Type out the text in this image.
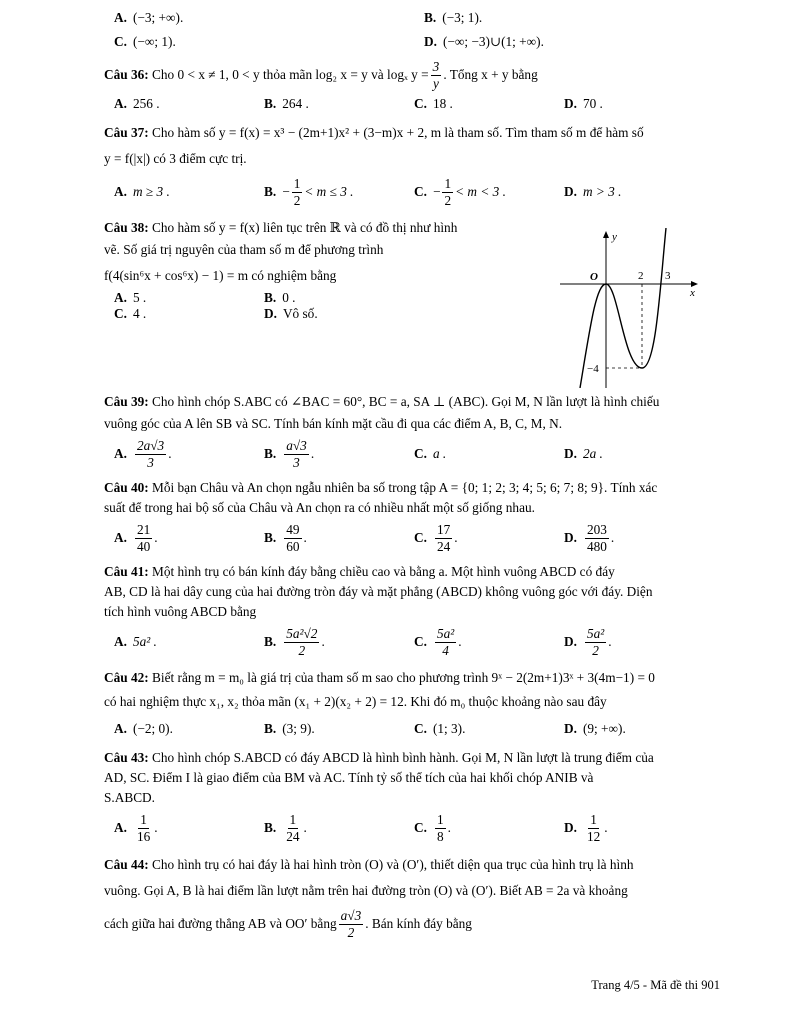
A. (−3; +∞).	B. (−3; 1).
C. (−∞; 1).	D. (−∞; −3)∪(1; +∞).
Câu 36:
Cho 0 < x ≠ 1, 0 < y thỏa mãn log₂ x = y và logₓ $y = \frac{3}{y}$ . Tổng x + y bằng
A. 256 .	B. 264 .	C. 18 .	D. 70 .
Câu 37:
Cho hàm số y = f(x) = x³ − (2m+1)x² + (3−m)x + 2, m là tham số. Tìm tham số m để hàm số
y = f(|x|) có 3 điểm cực trị.
A. m ≥ 3 .	B. − $\frac{1}{2} < m \le 3$ .	C. − $\frac{1}{2} < m < 3$ .	D. m > 3 .
Câu 38:
Cho hàm số y = f(x) liên tục trên ℝ và có đồ thị như hình
vẽ. Số giá trị nguyên của tham số m để phương trình
f(4(sin⁶x + cos⁶x) − 1) = m có nghiệm bằng
A. 5 .	B. 0 .
C. 4 .	D. Vô số.
Câu 39:
Cho hình chóp S.ABC có ∠BAC = 60°, BC = a, SA ⊥ (ABC). Gọi M, N lần lượt là hình chiếu
vuông góc của A lên SB và SC. Tính bán kính mặt cầu đi qua các điểm A, B, C, M, N.
A. $\frac{2a√3}{3}$ .	B. $\frac{a√3}{3}$ .	C. a .	D. 2a .
Câu 40: Mỗi bạn Châu và An chọn ngẫu nhiên ba số trong tập A = {0; 1; 2; 3; 4; 5; 6; 7; 8; 9}. Tính xác
suất để trong hai bộ số của Châu và An chọn ra có nhiều nhất một số giống nhau.
A. $\frac{21}{40}$ .	B. $\frac{49}{60}$ .	C. $\frac{17}{24}$ .	D. $\frac{203}{480}$ .
Câu 41: Một hình trụ có bán kính đáy bằng chiều cao và bằng a. Một hình vuông ABCD có đáy
AB, CD là hai dây cung của hai đường tròn đáy và mặt phẳng (ABCD) không vuông góc với đáy. Diện
tích hình vuông ABCD bằng
A. 5a² .	B. $\frac{\text{5a²√2}}{2}$ .	C. $\frac{\text{5a²}}{4}$ .	D. $\frac{\text{5a²}}{2}$ .
Câu 42:
Biết rằng m = m₀ là giá trị của tham số m sao cho phương trình 9ˣ − 2(2m+1)3ˣ + 3(4m−1) = 0
có hai nghiệm thực x₁, x₂ thỏa mãn (x₁ + 2)(x₂ + 2) = 12. Khi đó m₀ thuộc khoảng nào sau đây
A. (−2; 0).	B. (3; 9).	C. (1; 3).	D. (9; +∞).
Câu 43: Cho hình chóp S.ABCD có đáy ABCD là hình bình hành. Gọi M, N lần lượt là trung điểm của
AD, SC. Điểm I là giao điểm của BM và AC. Tính tỷ số thể tích của hai khối chóp ANIB và
S.ABCD.
A. $\frac{1}{16}$ .	B. $\frac{1}{24}$ .	C. $\frac{1}{8}$ .	D. $\frac{1}{12}$ .
Câu 44:
Cho hình trụ có hai đáy là hai hình tròn (O) và (O′), thiết diện qua trục của hình trụ là hình
vuông. Gọi A, B là hai điểm lần lượt nằm trên hai đường tròn (O) và (O′). Biết AB = 2a và khoảng
cách giữa hai đường thẳng AB và OO′ bằng $\frac{a√3}{2}$ . Bán kính đáy bằng
y
x
O	2 3
−4
Trang 4/5 - Mã đề thi 901
